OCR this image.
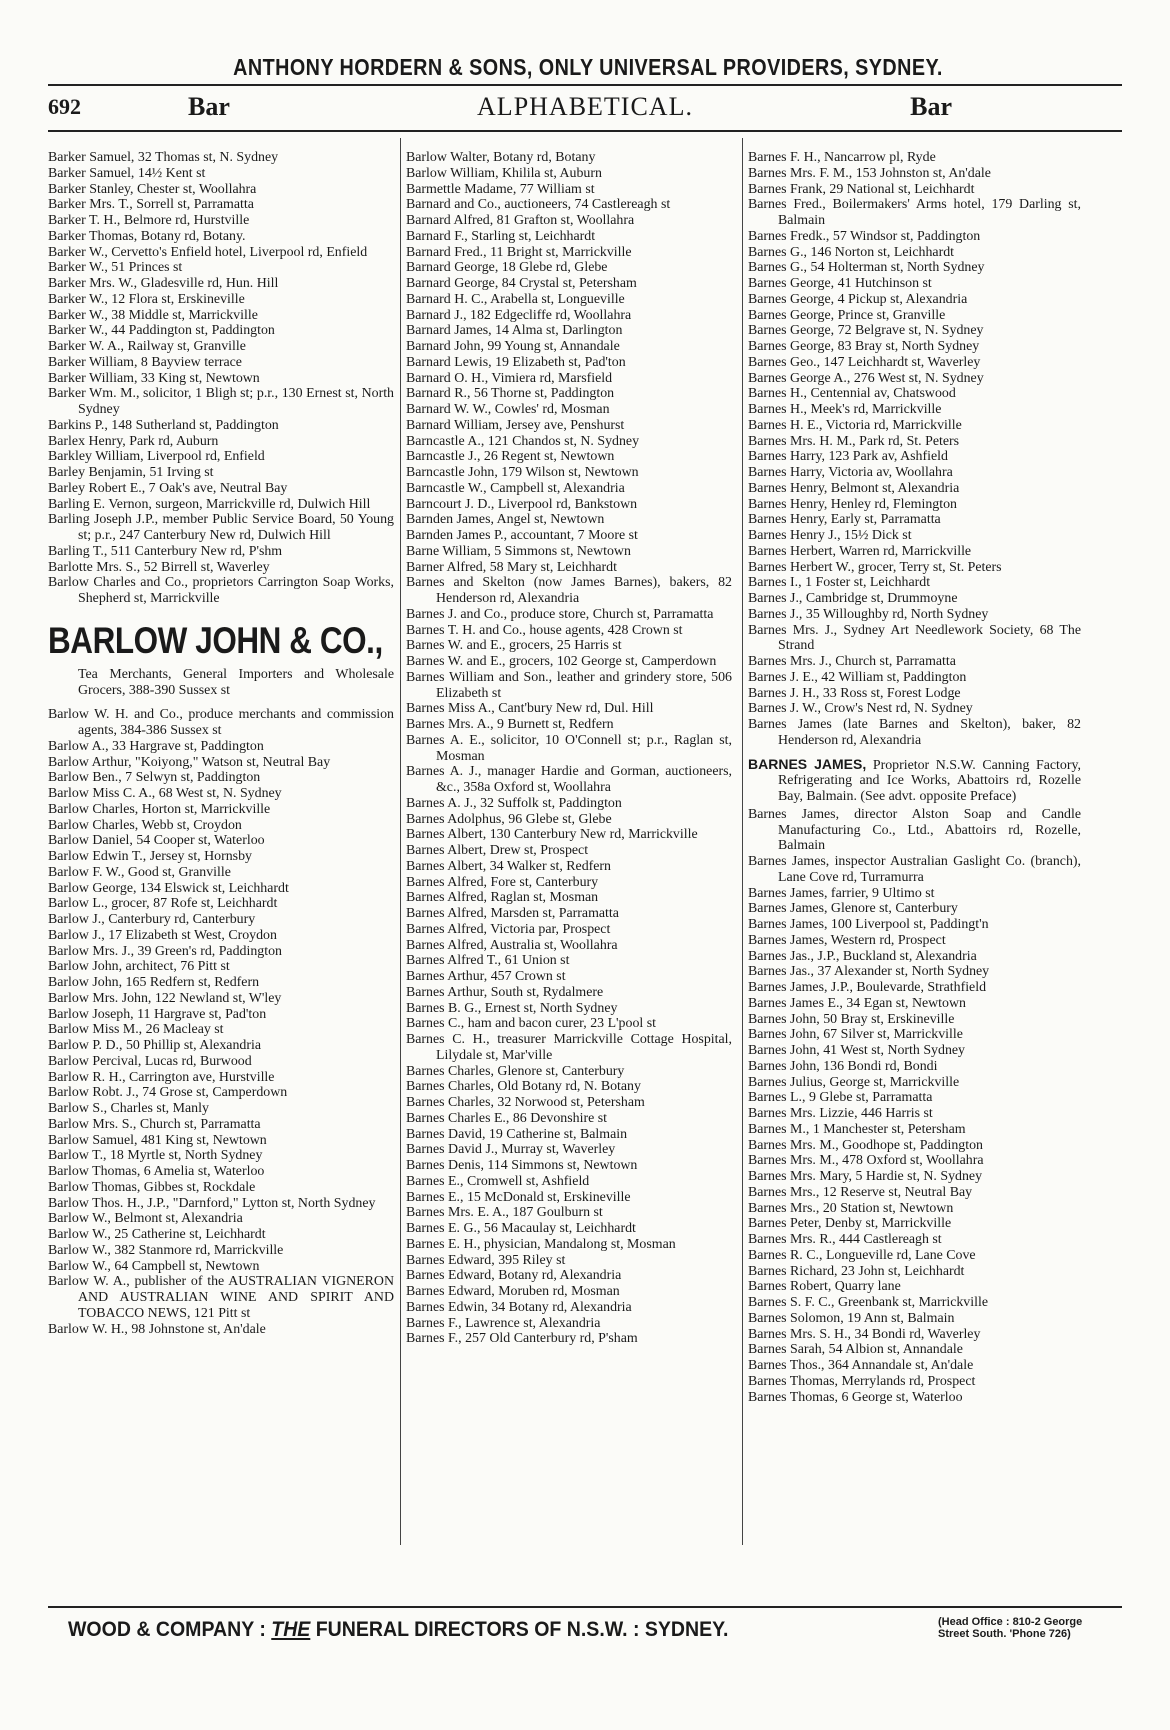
ANTHONY HORDERN & SONS, ONLY UNIVERSAL PROVIDERS, SYDNEY.
692	Bar	ALPHABETICAL.	Bar
Barker Samuel, 32 Thomas st, N. Sydney
Barker Samuel, 14½ Kent st
Barker Stanley, Chester st, Woollahra
Barker Mrs. T., Sorrell st, Parramatta
Barker T. H., Belmore rd, Hurstville
Barker Thomas, Botany rd, Botany.
Barker W., Cervetto's Enfield hotel, Liverpool rd, Enfield
Barker W., 51 Princes st
Barker Mrs. W., Gladesville rd, Hun. Hill
Barker W., 12 Flora st, Erskineville
Barker W., 38 Middle st, Marrickville
Barker W., 44 Paddington st, Paddington
Barker W. A., Railway st, Granville
Barker William, 8 Bayview terrace
Barker William, 33 King st, Newtown
Barker Wm. M., solicitor, 1 Bligh st; p.r., 130 Ernest st, North Sydney
Barkins P., 148 Sutherland st, Paddington
Barlex Henry, Park rd, Auburn
Barkley William, Liverpool rd, Enfield
Barley Benjamin, 51 Irving st
Barley Robert E., 7 Oak's ave, Neutral Bay
Barling E. Vernon, surgeon, Marrickville rd, Dulwich Hill
Barling Joseph J.P., member Public Service Board, 50 Young st; p.r., 247 Canterbury New rd, Dulwich Hill
Barling T., 511 Canterbury New rd, P'shm
Barlotte Mrs. S., 52 Birrell st, Waverley
Barlow Charles and Co., proprietors Carrington Soap Works, Shepherd st, Marrickville
BARLOW JOHN & CO.,
Tea Merchants, General Importers and Wholesale Grocers, 388-390 Sussex st
Barlow W. H. and Co., produce merchants and commission agents, 384-386 Sussex st
Barlow A., 33 Hargrave st, Paddington
Barlow Arthur, "Koiyong," Watson st, Neutral Bay
Barlow Ben., 7 Selwyn st, Paddington
Barlow Miss C. A., 68 West st, N. Sydney
Barlow Charles, Horton st, Marrickville
Barlow Charles, Webb st, Croydon
Barlow Daniel, 54 Cooper st, Waterloo
Barlow Edwin T., Jersey st, Hornsby
Barlow F. W., Good st, Granville
Barlow George, 134 Elswick st, Leichhardt
Barlow L., grocer, 87 Rofe st, Leichhardt
Barlow J., Canterbury rd, Canterbury
Barlow J., 17 Elizabeth st West, Croydon
Barlow Mrs. J., 39 Green's rd, Paddington
Barlow John, architect, 76 Pitt st
Barlow John, 165 Redfern st, Redfern
Barlow Mrs. John, 122 Newland st, W'ley
Barlow Joseph, 11 Hargrave st, Pad'ton
Barlow Miss M., 26 Macleay st
Barlow P. D., 50 Phillip st, Alexandria
Barlow Percival, Lucas rd, Burwood
Barlow R. H., Carrington ave, Hurstville
Barlow Robt. J., 74 Grose st, Camperdown
Barlow S., Charles st, Manly
Barlow Mrs. S., Church st, Parramatta
Barlow Samuel, 481 King st, Newtown
Barlow T., 18 Myrtle st, North Sydney
Barlow Thomas, 6 Amelia st, Waterloo
Barlow Thomas, Gibbes st, Rockdale
Barlow Thos. H., J.P., "Darnford," Lytton st, North Sydney
Barlow W., Belmont st, Alexandria
Barlow W., 25 Catherine st, Leichhardt
Barlow W., 382 Stanmore rd, Marrickville
Barlow W., 64 Campbell st, Newtown
Barlow W. A., publisher of the AUSTRALIAN VIGNERON AND AUSTRALIAN WINE AND SPIRIT AND TOBACCO NEWS, 121 Pitt st
Barlow W. H., 98 Johnstone st, An'dale
Barlow Walter, Botany rd, Botany
Barlow William, Khilila st, Auburn
Barmettle Madame, 77 William st
Barnard and Co., auctioneers, 74 Castlereagh st
Barnard Alfred, 81 Grafton st, Woollahra
Barnard F., Starling st, Leichhardt
Barnard Fred., 11 Bright st, Marrickville
Barnard George, 18 Glebe rd, Glebe
Barnard George, 84 Crystal st, Petersham
Barnard H. C., Arabella st, Longueville
Barnard J., 182 Edgecliffe rd, Woollahra
Barnard James, 14 Alma st, Darlington
Barnard John, 99 Young st, Annandale
Barnard Lewis, 19 Elizabeth st, Pad'ton
Barnard O. H., Vimiera rd, Marsfield
Barnard R., 56 Thorne st, Paddington
Barnard W. W., Cowles' rd, Mosman
Barnard William, Jersey ave, Penshurst
Barncastle A., 121 Chandos st, N. Sydney
Barncastle J., 26 Regent st, Newtown
Barncastle John, 179 Wilson st, Newtown
Barncastle W., Campbell st, Alexandria
Barncourt J. D., Liverpool rd, Bankstown
Barnden James, Angel st, Newtown
Barnden James P., accountant, 7 Moore st
Barne William, 5 Simmons st, Newtown
Barner Alfred, 58 Mary st, Leichhardt
Barnes and Skelton (now James Barnes), bakers, 82 Henderson rd, Alexandria
Barnes J. and Co., produce store, Church st, Parramatta
Barnes T. H. and Co., house agents, 428 Crown st
Barnes W. and E., grocers, 25 Harris st
Barnes W. and E., grocers, 102 George st, Camperdown
Barnes William and Son., leather and grindery store, 506 Elizabeth st
Barnes Miss A., Cant'bury New rd, Dul. Hill
Barnes Mrs. A., 9 Burnett st, Redfern
Barnes A. E., solicitor, 10 O'Connell st; p.r., Raglan st, Mosman
Barnes A. J., manager Hardie and Gorman, auctioneers, &c., 358a Oxford st, Woollahra
Barnes A. J., 32 Suffolk st, Paddington
Barnes Adolphus, 96 Glebe st, Glebe
Barnes Albert, 130 Canterbury New rd, Marrickville
Barnes Albert, Drew st, Prospect
Barnes Albert, 34 Walker st, Redfern
Barnes Alfred, Fore st, Canterbury
Barnes Alfred, Raglan st, Mosman
Barnes Alfred, Marsden st, Parramatta
Barnes Alfred, Victoria par, Prospect
Barnes Alfred, Australia st, Woollahra
Barnes Alfred T., 61 Union st
Barnes Arthur, 457 Crown st
Barnes Arthur, South st, Rydalmere
Barnes B. G., Ernest st, North Sydney
Barnes C., ham and bacon curer, 23 L'pool st
Barnes C. H., treasurer Marrickville Cottage Hospital, Lilydale st, Mar'ville
Barnes Charles, Glenore st, Canterbury
Barnes Charles, Old Botany rd, N. Botany
Barnes Charles, 32 Norwood st, Petersham
Barnes Charles E., 86 Devonshire st
Barnes David, 19 Catherine st, Balmain
Barnes David J., Murray st, Waverley
Barnes Denis, 114 Simmons st, Newtown
Barnes E., Cromwell st, Ashfield
Barnes E., 15 McDonald st, Erskineville
Barnes Mrs. E. A., 187 Goulburn st
Barnes E. G., 56 Macaulay st, Leichhardt
Barnes E. H., physician, Mandalong st, Mosman
Barnes Edward, 395 Riley st
Barnes Edward, Botany rd, Alexandria
Barnes Edward, Moruben rd, Mosman
Barnes Edwin, 34 Botany rd, Alexandria
Barnes F., Lawrence st, Alexandria
Barnes F., 257 Old Canterbury rd, P'sham
Barnes F. H., Nancarrow pl, Ryde
Barnes Mrs. F. M., 153 Johnston st, An'dale
Barnes Frank, 29 National st, Leichhardt
Barnes Fred., Boilermakers' Arms hotel, 179 Darling st, Balmain
Barnes Fredk., 57 Windsor st, Paddington
Barnes G., 146 Norton st, Leichhardt
Barnes G., 54 Holterman st, North Sydney
Barnes George, 41 Hutchinson st
Barnes George, 4 Pickup st, Alexandria
Barnes George, Prince st, Granville
Barnes George, 72 Belgrave st, N. Sydney
Barnes George, 83 Bray st, North Sydney
Barnes Geo., 147 Leichhardt st, Waverley
Barnes George A., 276 West st, N. Sydney
Barnes H., Centennial av, Chatswood
Barnes H., Meek's rd, Marrickville
Barnes H. E., Victoria rd, Marrickville
Barnes Mrs. H. M., Park rd, St. Peters
Barnes Harry, 123 Park av, Ashfield
Barnes Harry, Victoria av, Woollahra
Barnes Henry, Belmont st, Alexandria
Barnes Henry, Henley rd, Flemington
Barnes Henry, Early st, Parramatta
Barnes Henry J., 15½ Dick st
Barnes Herbert, Warren rd, Marrickville
Barnes Herbert W., grocer, Terry st, St. Peters
Barnes I., 1 Foster st, Leichhardt
Barnes J., Cambridge st, Drummoyne
Barnes J., 35 Willoughby rd, North Sydney
Barnes Mrs. J., Sydney Art Needlework Society, 68 The Strand
Barnes Mrs. J., Church st, Parramatta
Barnes J. E., 42 William st, Paddington
Barnes J. H., 33 Ross st, Forest Lodge
Barnes J. W., Crow's Nest rd, N. Sydney
Barnes James (late Barnes and Skelton), baker, 82 Henderson rd, Alexandria
BARNES JAMES, Proprietor N.S.W. Canning Factory, Refrigerating and Ice Works, Abattoirs rd, Rozelle Bay, Balmain. (See advt. opposite Preface)
Barnes James, director Alston Soap and Candle Manufacturing Co., Ltd., Abattoirs rd, Rozelle, Balmain
Barnes James, inspector Australian Gaslight Co. (branch), Lane Cove rd, Turramurra
Barnes James, farrier, 9 Ultimo st
Barnes James, Glenore st, Canterbury
Barnes James, 100 Liverpool st, Paddingt'n
Barnes James, Western rd, Prospect
Barnes Jas., J.P., Buckland st, Alexandria
Barnes Jas., 37 Alexander st, North Sydney
Barnes James, J.P., Boulevarde, Strathfield
Barnes James E., 34 Egan st, Newtown
Barnes John, 50 Bray st, Erskineville
Barnes John, 67 Silver st, Marrickville
Barnes John, 41 West st, North Sydney
Barnes John, 136 Bondi rd, Bondi
Barnes Julius, George st, Marrickville
Barnes L., 9 Glebe st, Parramatta
Barnes Mrs. Lizzie, 446 Harris st
Barnes M., 1 Manchester st, Petersham
Barnes Mrs. M., Goodhope st, Paddington
Barnes Mrs. M., 478 Oxford st, Woollahra
Barnes Mrs. Mary, 5 Hardie st, N. Sydney
Barnes Mrs., 12 Reserve st, Neutral Bay
Barnes Mrs., 20 Station st, Newtown
Barnes Peter, Denby st, Marrickville
Barnes Mrs. R., 444 Castlereagh st
Barnes R. C., Longueville rd, Lane Cove
Barnes Richard, 23 John st, Leichhardt
Barnes Robert, Quarry lane
Barnes S. F. C., Greenbank st, Marrickville
Barnes Solomon, 19 Ann st, Balmain
Barnes Mrs. S. H., 34 Bondi rd, Waverley
Barnes Sarah, 54 Albion st, Annandale
Barnes Thos., 364 Annandale st, An'dale
Barnes Thomas, Merrylands rd, Prospect
Barnes Thomas, 6 George st, Waterloo
WOOD & COMPANY : THE FUNERAL DIRECTORS OF N.S.W. : SYDNEY.	(Head Office : 810-2 George
Street South. 'Phone 726)
